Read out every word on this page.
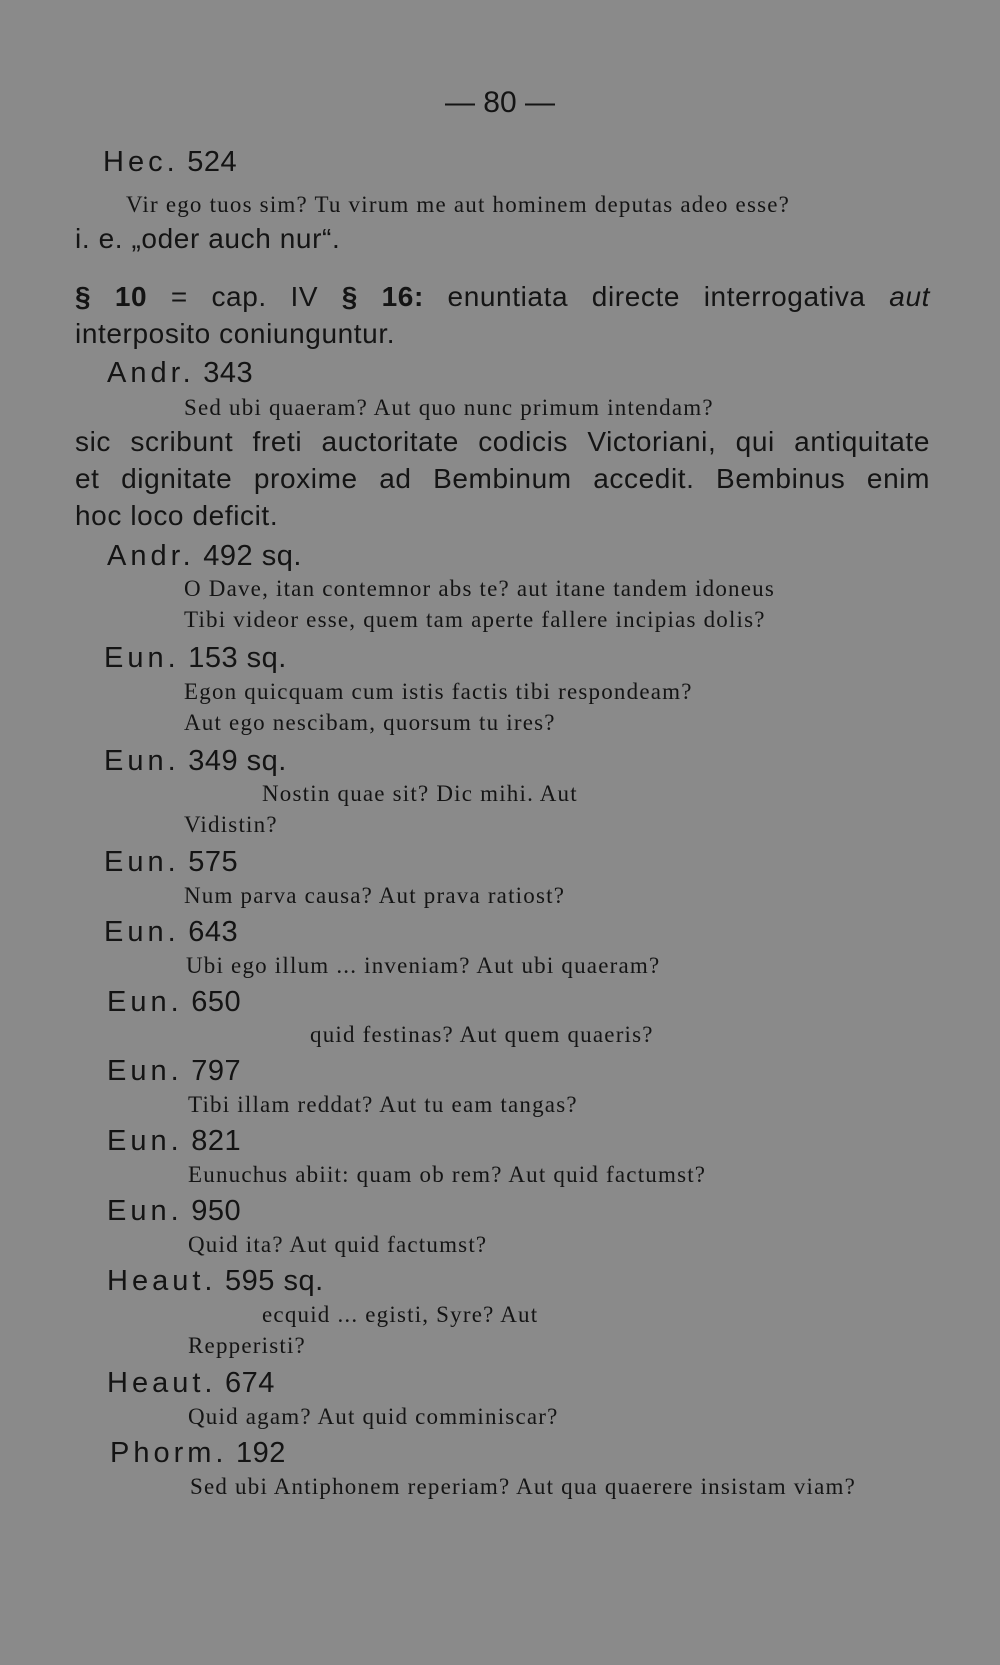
— 80 —
Hec. 524
Vir ego tuos sim? Tu virum me aut hominem deputas adeo esse?
i. e. „oder auch nur“.
§ 10 = cap. IV § 16: enuntiata directe interrogativa aut
interposito coniunguntur.
Andr. 343
Sed ubi quaeram? Aut quo nunc primum intendam?
sic scribunt freti auctoritate codicis Victoriani, qui antiquitate
et dignitate proxime ad Bembinum accedit. Bembinus enim
hoc loco deficit.
Andr. 492 sq.
O Dave, itan contemnor abs te? aut itane tandem idoneus
Tibi videor esse, quem tam aperte fallere incipias dolis?
Eun. 153 sq.
Egon quicquam cum istis factis tibi respondeam?
Aut ego nescibam, quorsum tu ires?
Eun. 349 sq.
Nostin quae sit? Dic mihi. Aut
Vidistin?
Eun. 575
Num parva causa? Aut prava ratiost?
Eun. 643
Ubi ego illum ... inveniam? Aut ubi quaeram?
Eun. 650
quid festinas? Aut quem quaeris?
Eun. 797
Tibi illam reddat? Aut tu eam tangas?
Eun. 821
Eunuchus abiit: quam ob rem? Aut quid factumst?
Eun. 950
Quid ita? Aut quid factumst?
Heaut. 595 sq.
ecquid ... egisti, Syre? Aut
Repperisti?
Heaut. 674
Quid agam? Aut quid comminiscar?
Phorm. 192
Sed ubi Antiphonem reperiam? Aut qua quaerere insistam viam?
